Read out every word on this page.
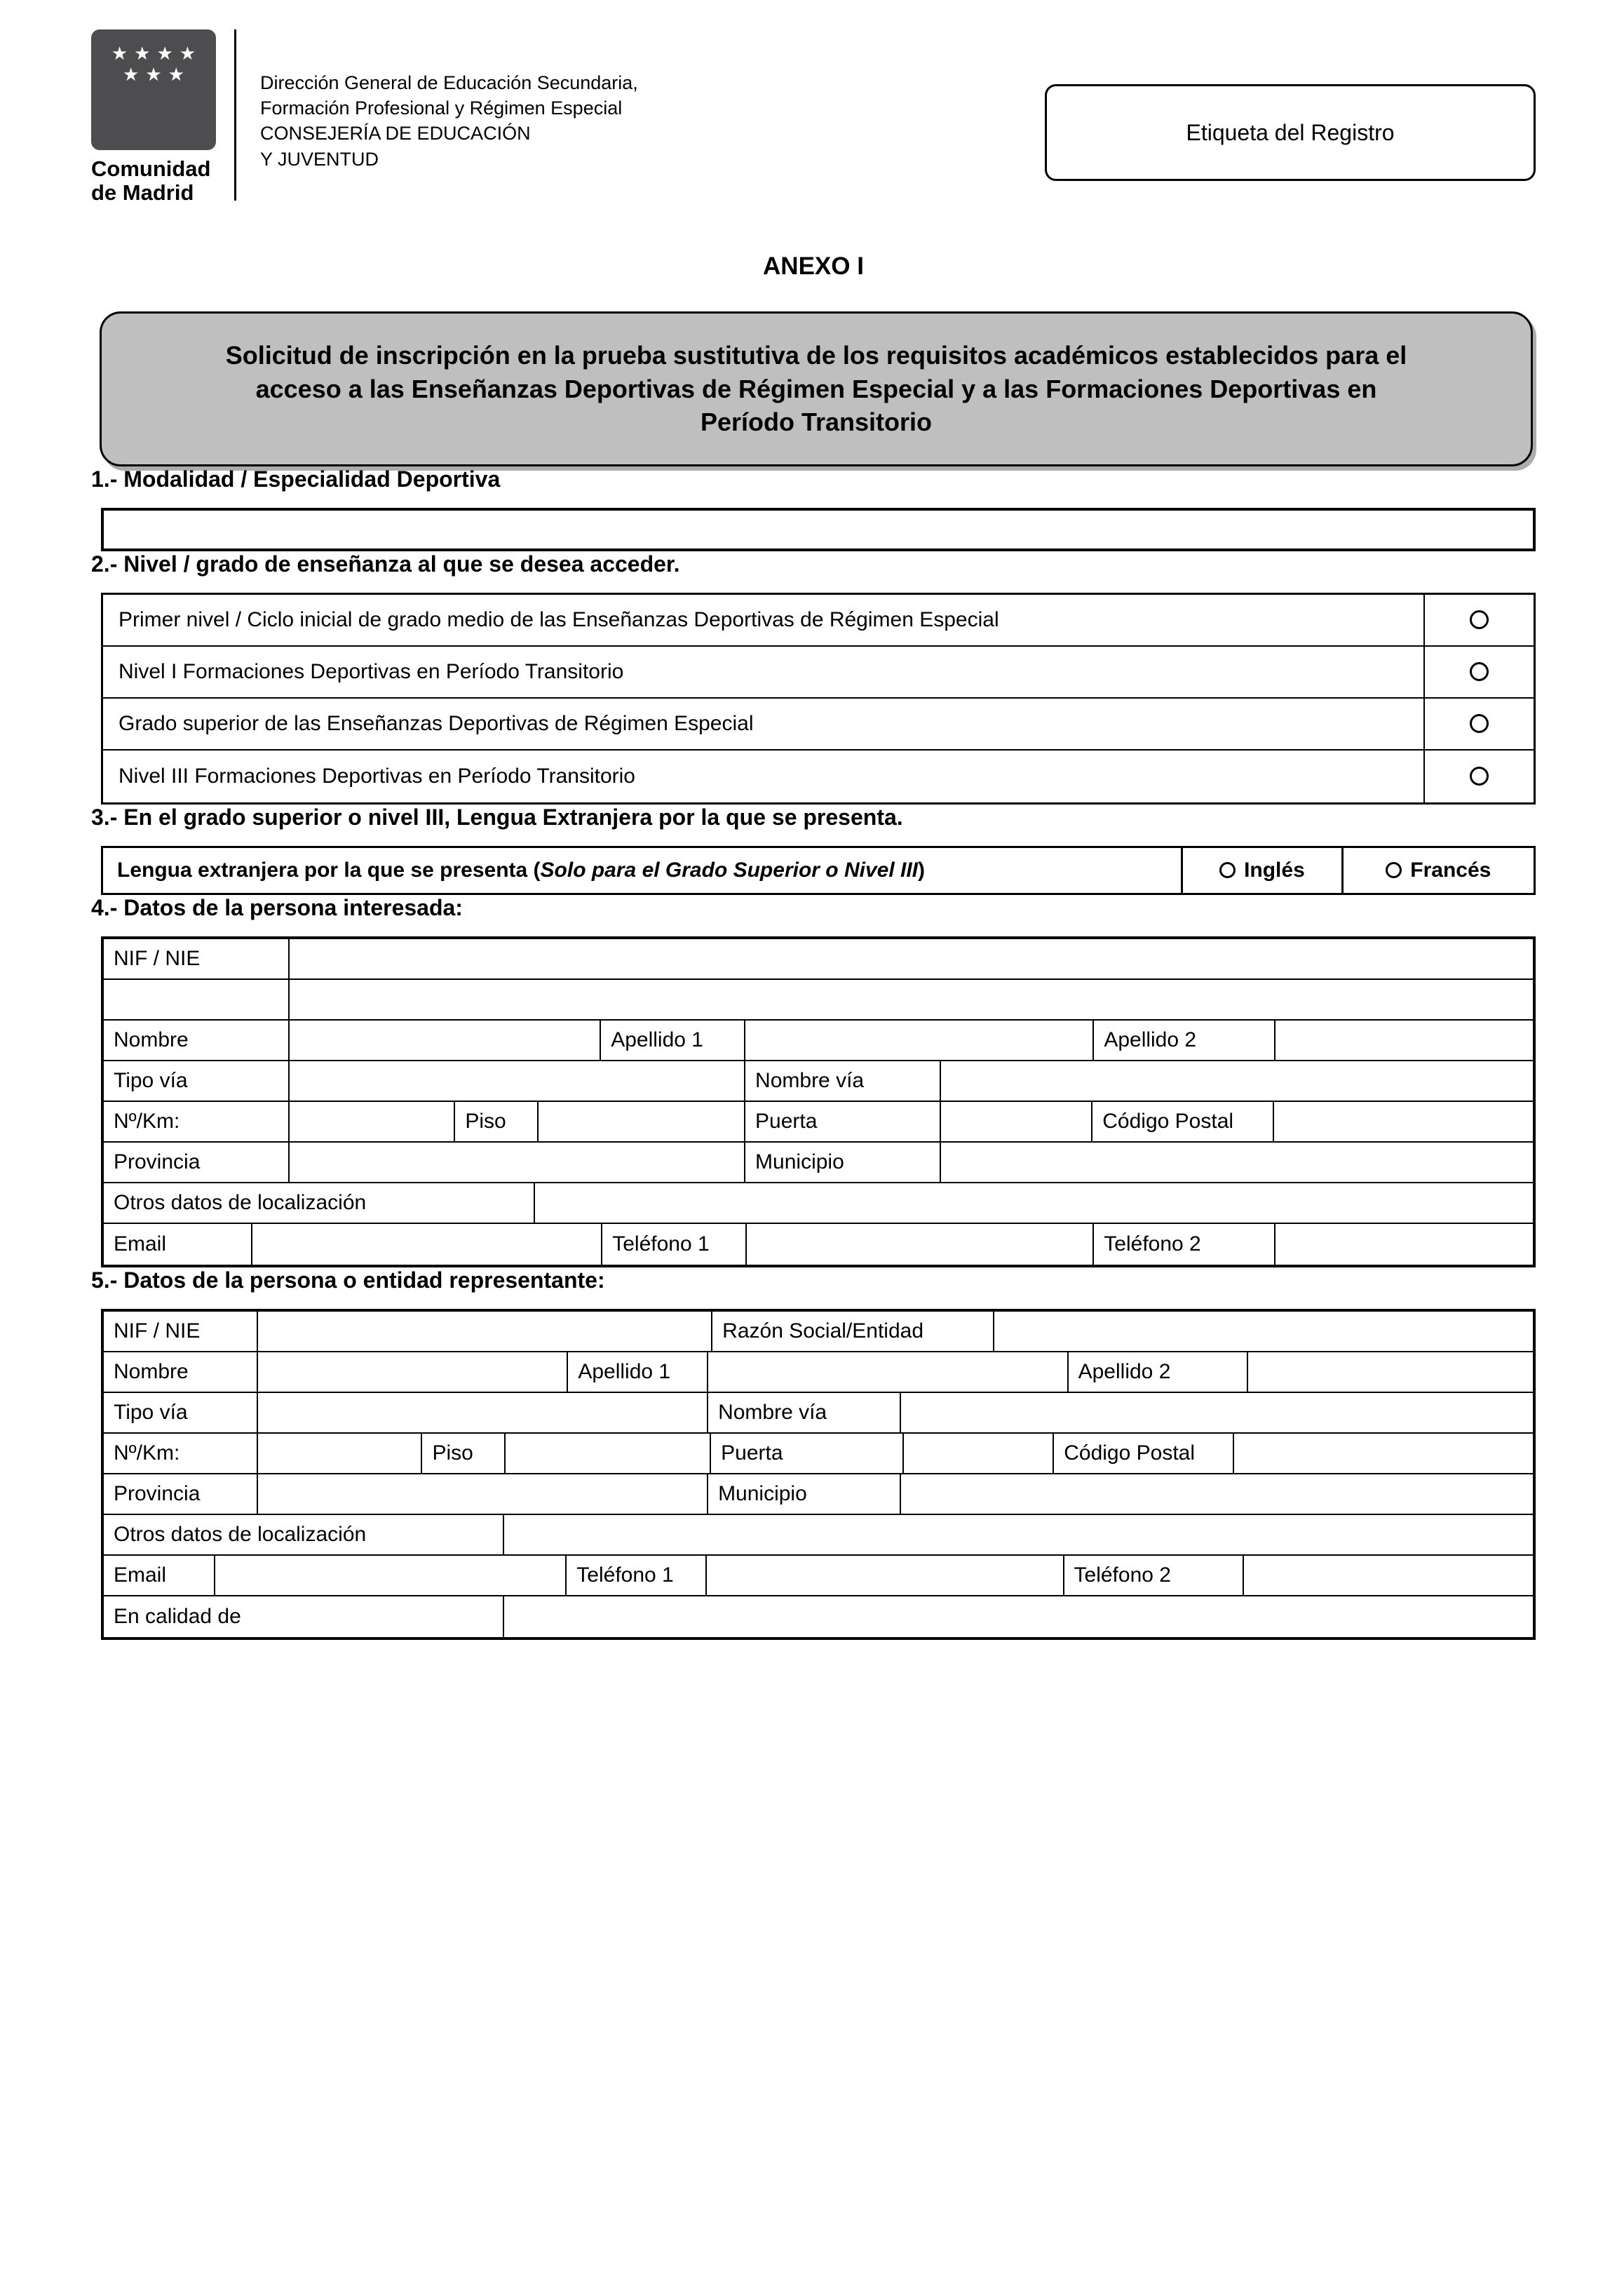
★★★★
★★★
Comunidad
de Madrid
Dirección General de Educación Secundaria,
Formación Profesional y Régimen Especial
CONSEJERÍA DE EDUCACIÓN
Y JUVENTUD
Etiqueta del Registro
ANEXO I
Solicitud de inscripción en la prueba sustitutiva de los requisitos académicos establecidos para el acceso a las Enseñanzas Deportivas de Régimen Especial y a las Formaciones Deportivas en Período Transitorio
1.- Modalidad / Especialidad Deportiva
2.- Nivel / grado de enseñanza al que se desea acceder.
Primer nivel / Ciclo inicial de grado medio de las Enseñanzas Deportivas de Régimen Especial
Nivel I Formaciones Deportivas en Período Transitorio
Grado superior de las Enseñanzas Deportivas de Régimen Especial
Nivel III Formaciones Deportivas en Período Transitorio
3.- En el grado superior o nivel III, Lengua Extranjera por la que se presenta.
Lengua extranjera por la que se presenta ( Solo para el Grado Superior o Nivel III )	Inglés	Francés
4.- Datos de la persona interesada:
NIF / NIE
Nombre	Apellido 1	Apellido 2
Tipo vía	Nombre vía
Nº/Km:	Piso	Puerta	Código Postal
Provincia	Municipio
Otros datos de localización
Email	Teléfono 1	Teléfono 2
5.- Datos de la persona o entidad representante:
NIF / NIE	Razón Social/Entidad
Nombre	Apellido 1	Apellido 2
Tipo vía	Nombre vía
Nº/Km:	Piso	Puerta	Código Postal
Provincia	Municipio
Otros datos de localización
Email	Teléfono 1	Teléfono 2
En calidad de
